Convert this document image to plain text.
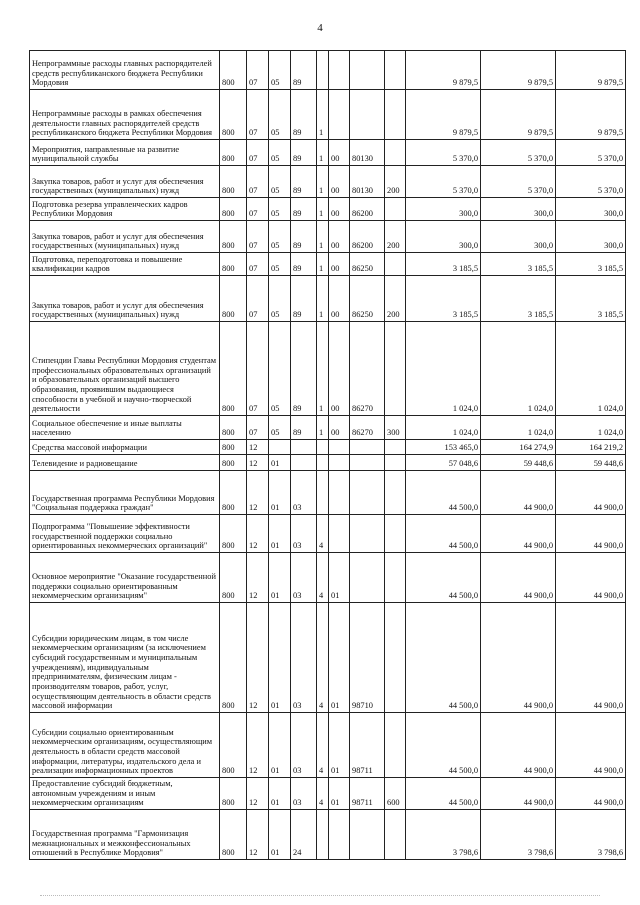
4
Непрограммные расходы главных распорядителей средств республиканского бюджета Республики Мордовия	800	07	05	89					9 879,5	9 879,5	9 879,5
Непрограммные расходы в рамках обеспечения деятельности главных распорядителей средств республиканского бюджета Республики Мордовия	800	07	05	89	1				9 879,5	9 879,5	9 879,5
Мероприятия, направленные на развитие муниципальной службы	800	07	05	89	1	00	80130		5 370,0	5 370,0	5 370,0
Закупка товаров, работ и услуг для обеспечения государственных (муниципальных) нужд	800	07	05	89	1	00	80130	200	5 370,0	5 370,0	5 370,0
Подготовка резерва управленческих кадров Республики Мордовия	800	07	05	89	1	00	86200		300,0	300,0	300,0
Закупка товаров, работ и услуг для обеспечения государственных (муниципальных) нужд	800	07	05	89	1	00	86200	200	300,0	300,0	300,0
Подготовка, переподготовка и повышение квалификации кадров	800	07	05	89	1	00	86250		3 185,5	3 185,5	3 185,5
Закупка товаров, работ и услуг для обеспечения государственных (муниципальных) нужд	800	07	05	89	1	00	86250	200	3 185,5	3 185,5	3 185,5
Стипендии Главы Республики Мордовия студентам профессиональных образовательных организаций и образовательных организаций высшего образования, проявившим выдающиеся способности в учебной и научно-творческой деятельности	800	07	05	89	1	00	86270		1 024,0	1 024,0	1 024,0
Социальное обеспечение и иные выплаты населению	800	07	05	89	1	00	86270	300	1 024,0	1 024,0	1 024,0
Средства массовой информации	800	12							153 465,0	164 274,9	164 219,2
Телевидение и радиовещание	800	12	01						57 048,6	59 448,6	59 448,6
Государственная программа Республики Мордовия "Социальная поддержка граждан"	800	12	01	03					44 500,0	44 900,0	44 900,0
Подпрограмма "Повышение эффективности государственной поддержки социально ориентированных некоммерческих организаций"	800	12	01	03	4				44 500,0	44 900,0	44 900,0
Основное мероприятие "Оказание государственной поддержки социально ориентированным некоммерческим организациям"	800	12	01	03	4	01			44 500,0	44 900,0	44 900,0
Субсидии юридическим лицам, в том числе некоммерческим организациям (за исключением субсидий государственным и муниципальным учреждениям), индивидуальным предпринимателям, физическим лицам - производителям товаров, работ, услуг, осуществляющим деятельность в области средств массовой информации	800	12	01	03	4	01	98710		44 500,0	44 900,0	44 900,0
Субсидии социально ориентированным некоммерческим организациям, осуществляющим деятельность в области средств массовой информации, литературы, издательского дела и реализации информационных проектов	800	12	01	03	4	01	98711		44 500,0	44 900,0	44 900,0
Предоставление субсидий бюджетным, автономным учреждениям и иным некоммерческим организациям	800	12	01	03	4	01	98711	600	44 500,0	44 900,0	44 900,0
Государственная программа "Гармонизация межнациональных и межконфессиональных отношений в Республике Мордовия"	800	12	01	24					3 798,6	3 798,6	3 798,6
